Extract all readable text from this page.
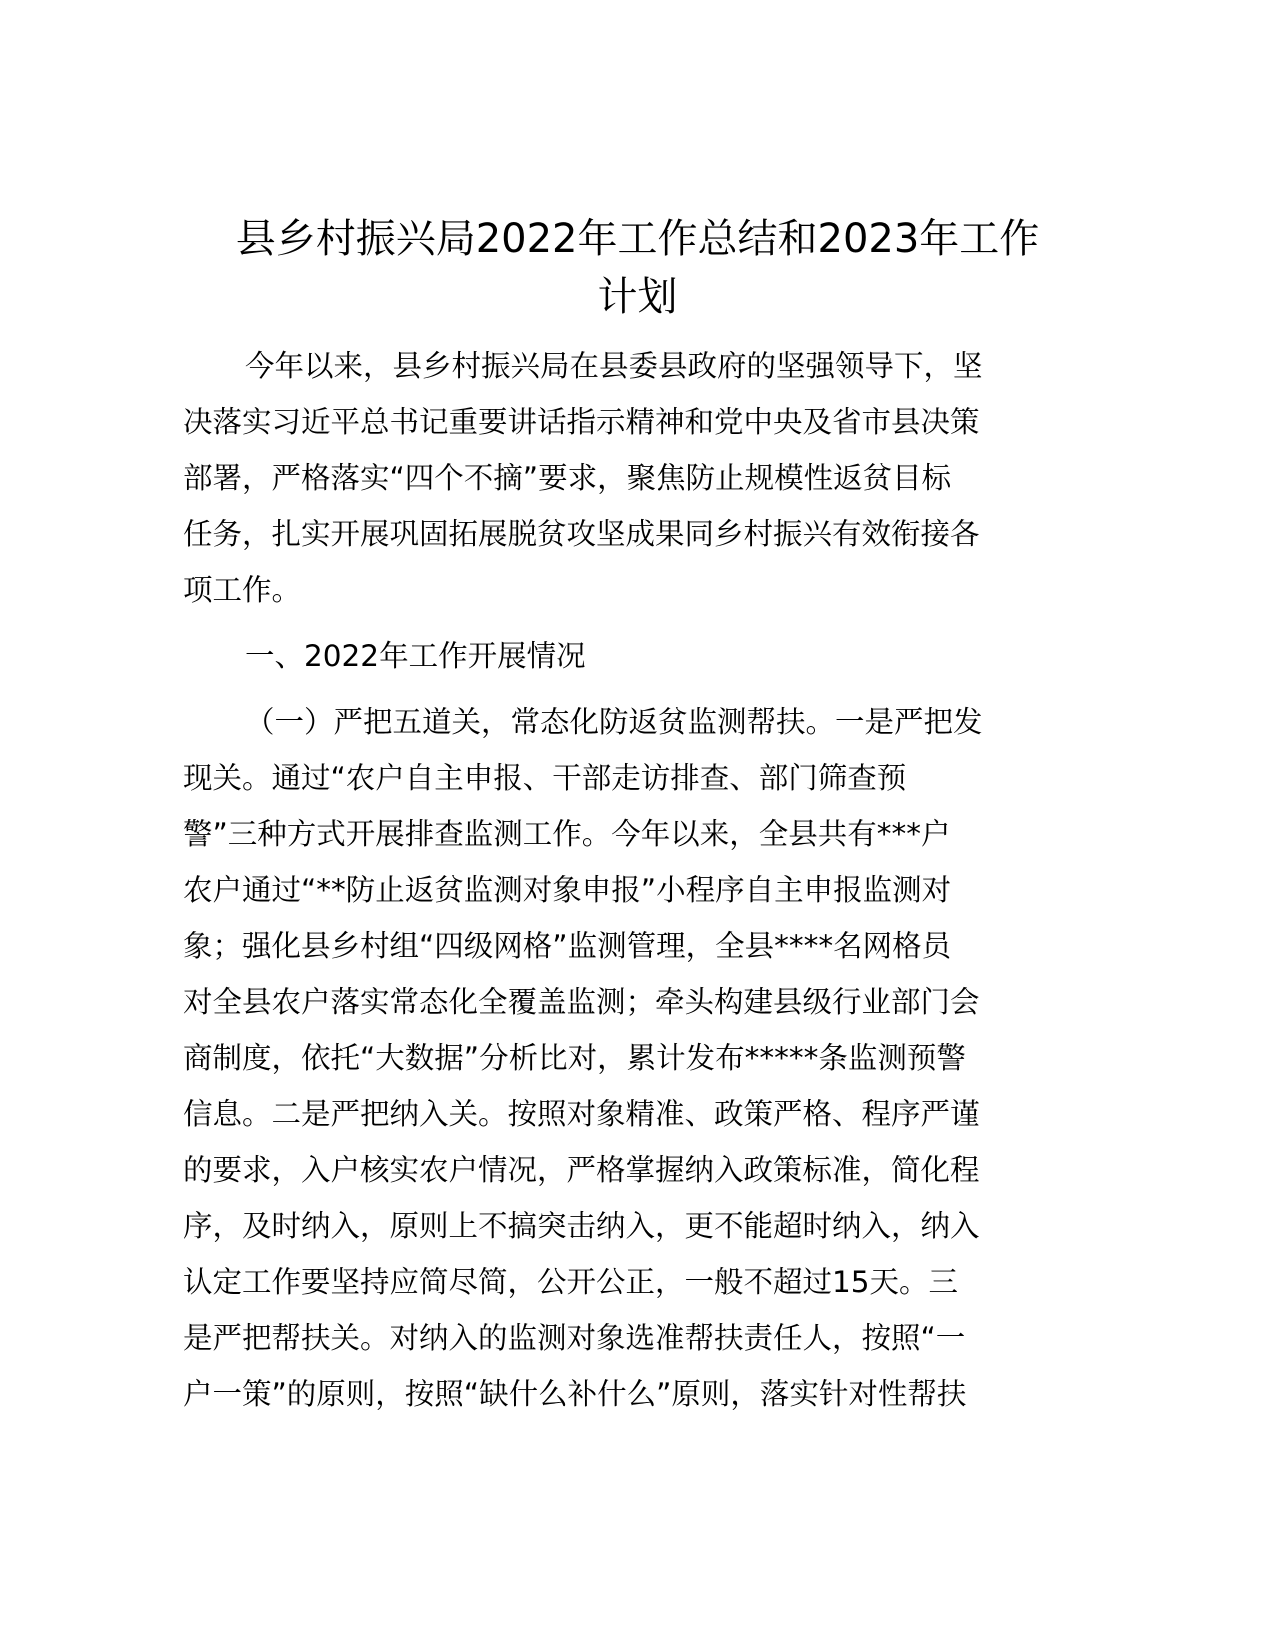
县乡村振兴局2022年工作总结和2023年工作
计划
今年以来，县乡村振兴局在县委县政府的坚强领导下，坚
决落实习近平总书记重要讲话指示精神和党中央及省市县决策
部署，严格落实“四个不摘”要求，聚焦防止规模性返贫目标
任务，扎实开展巩固拓展脱贫攻坚成果同乡村振兴有效衔接各
项工作。
一、2022年工作开展情况
（一）严把五道关，常态化防返贫监测帮扶。一是严把发
现关。通过“农户自主申报、干部走访排查、部门筛查预
警”三种方式开展排查监测工作。今年以来，全县共有***户
农户通过“**防止返贫监测对象申报”小程序自主申报监测对
象；强化县乡村组“四级网格”监测管理，全县****名网格员
对全县农户落实常态化全覆盖监测；牵头构建县级行业部门会
商制度，依托“大数据”分析比对，累计发布*****条监测预警
信息。二是严把纳入关。按照对象精准、政策严格、程序严谨
的要求，入户核实农户情况，严格掌握纳入政策标准，简化程
序，及时纳入，原则上不搞突击纳入，更不能超时纳入，纳入
认定工作要坚持应简尽简，公开公正，一般不超过15天。三
是严把帮扶关。对纳入的监测对象选准帮扶责任人，按照“一
户一策”的原则，按照“缺什么补什么”原则，落实针对性帮扶
